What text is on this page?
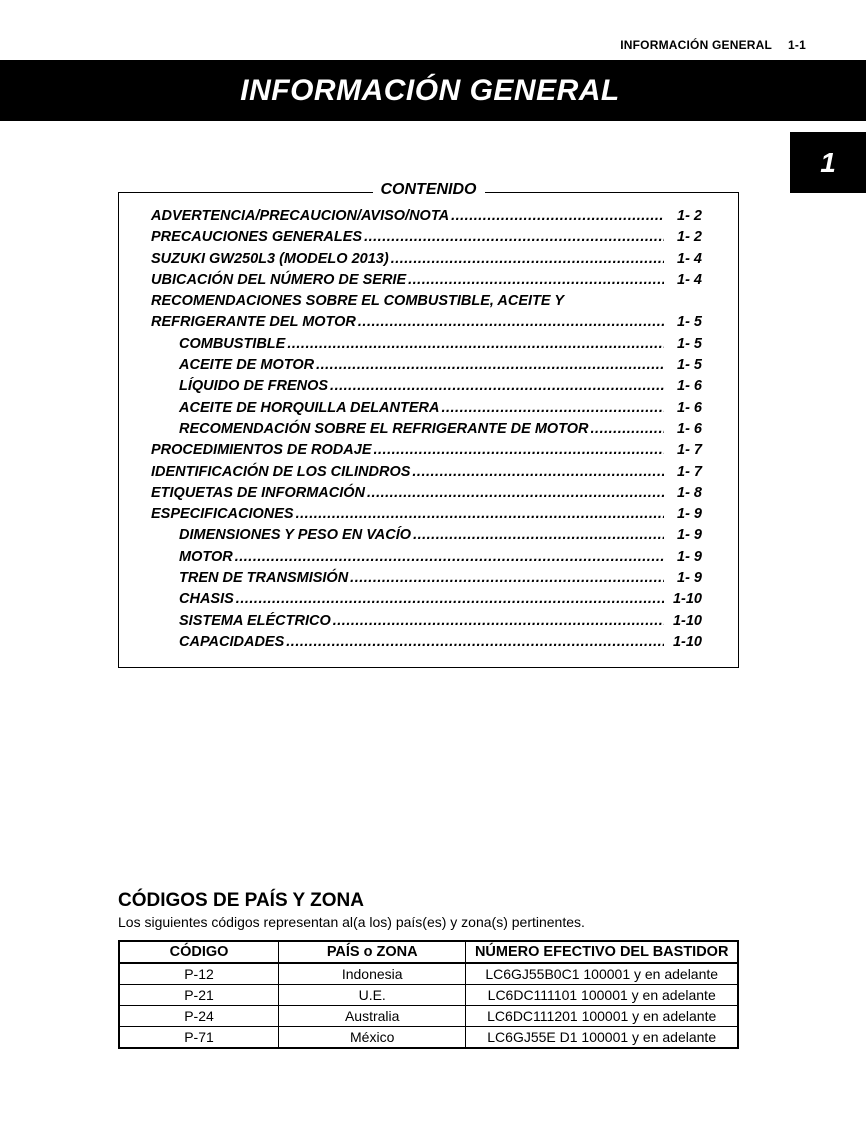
INFORMACIÓN GENERAL 1-1
INFORMACIÓN GENERAL
1
CONTENIDO
ADVERTENCIA/PRECAUCION/AVISO/NOTA .....	1- 2
PRECAUCIONES GENERALES .....	1- 2
SUZUKI GW250L3 (MODELO 2013) .....	1- 4
UBICACIÓN DEL NÚMERO DE SERIE .....	1- 4
RECOMENDACIONES SOBRE EL COMBUSTIBLE, ACEITE Y
REFRIGERANTE DEL MOTOR .....	1- 5
COMBUSTIBLE .....	1- 5
ACEITE DE MOTOR .....	1- 5
LÍQUIDO DE FRENOS .....	1- 6
ACEITE DE HORQUILLA DELANTERA .....	1- 6
RECOMENDACIÓN SOBRE EL REFRIGERANTE DE MOTOR .....	1- 6
PROCEDIMIENTOS DE RODAJE .....	1- 7
IDENTIFICACIÓN DE LOS CILINDROS .....	1- 7
ETIQUETAS DE INFORMACIÓN .....	1- 8
ESPECIFICACIONES .....	1- 9
DIMENSIONES Y PESO EN VACÍO .....	1- 9
MOTOR .....	1- 9
TREN DE TRANSMISIÓN .....	1- 9
CHASIS .....	1-10
SISTEMA ELÉCTRICO .....	1-10
CAPACIDADES .....	1-10
CÓDIGOS DE PAÍS Y ZONA
Los siguientes códigos representan al(a los) país(es) y zona(s) pertinentes.
CÓDIGO	PAÍS o ZONA	NÚMERO EFECTIVO DEL BASTIDOR
P-12	Indonesia	LC6GJ55B0C1 100001 y en adelante
P-21	U.E.	LC6DC111101 100001 y en adelante
P-24	Australia	LC6DC111201 100001 y en adelante
P-71	México	LC6GJ55E D1 100001 y en adelante
